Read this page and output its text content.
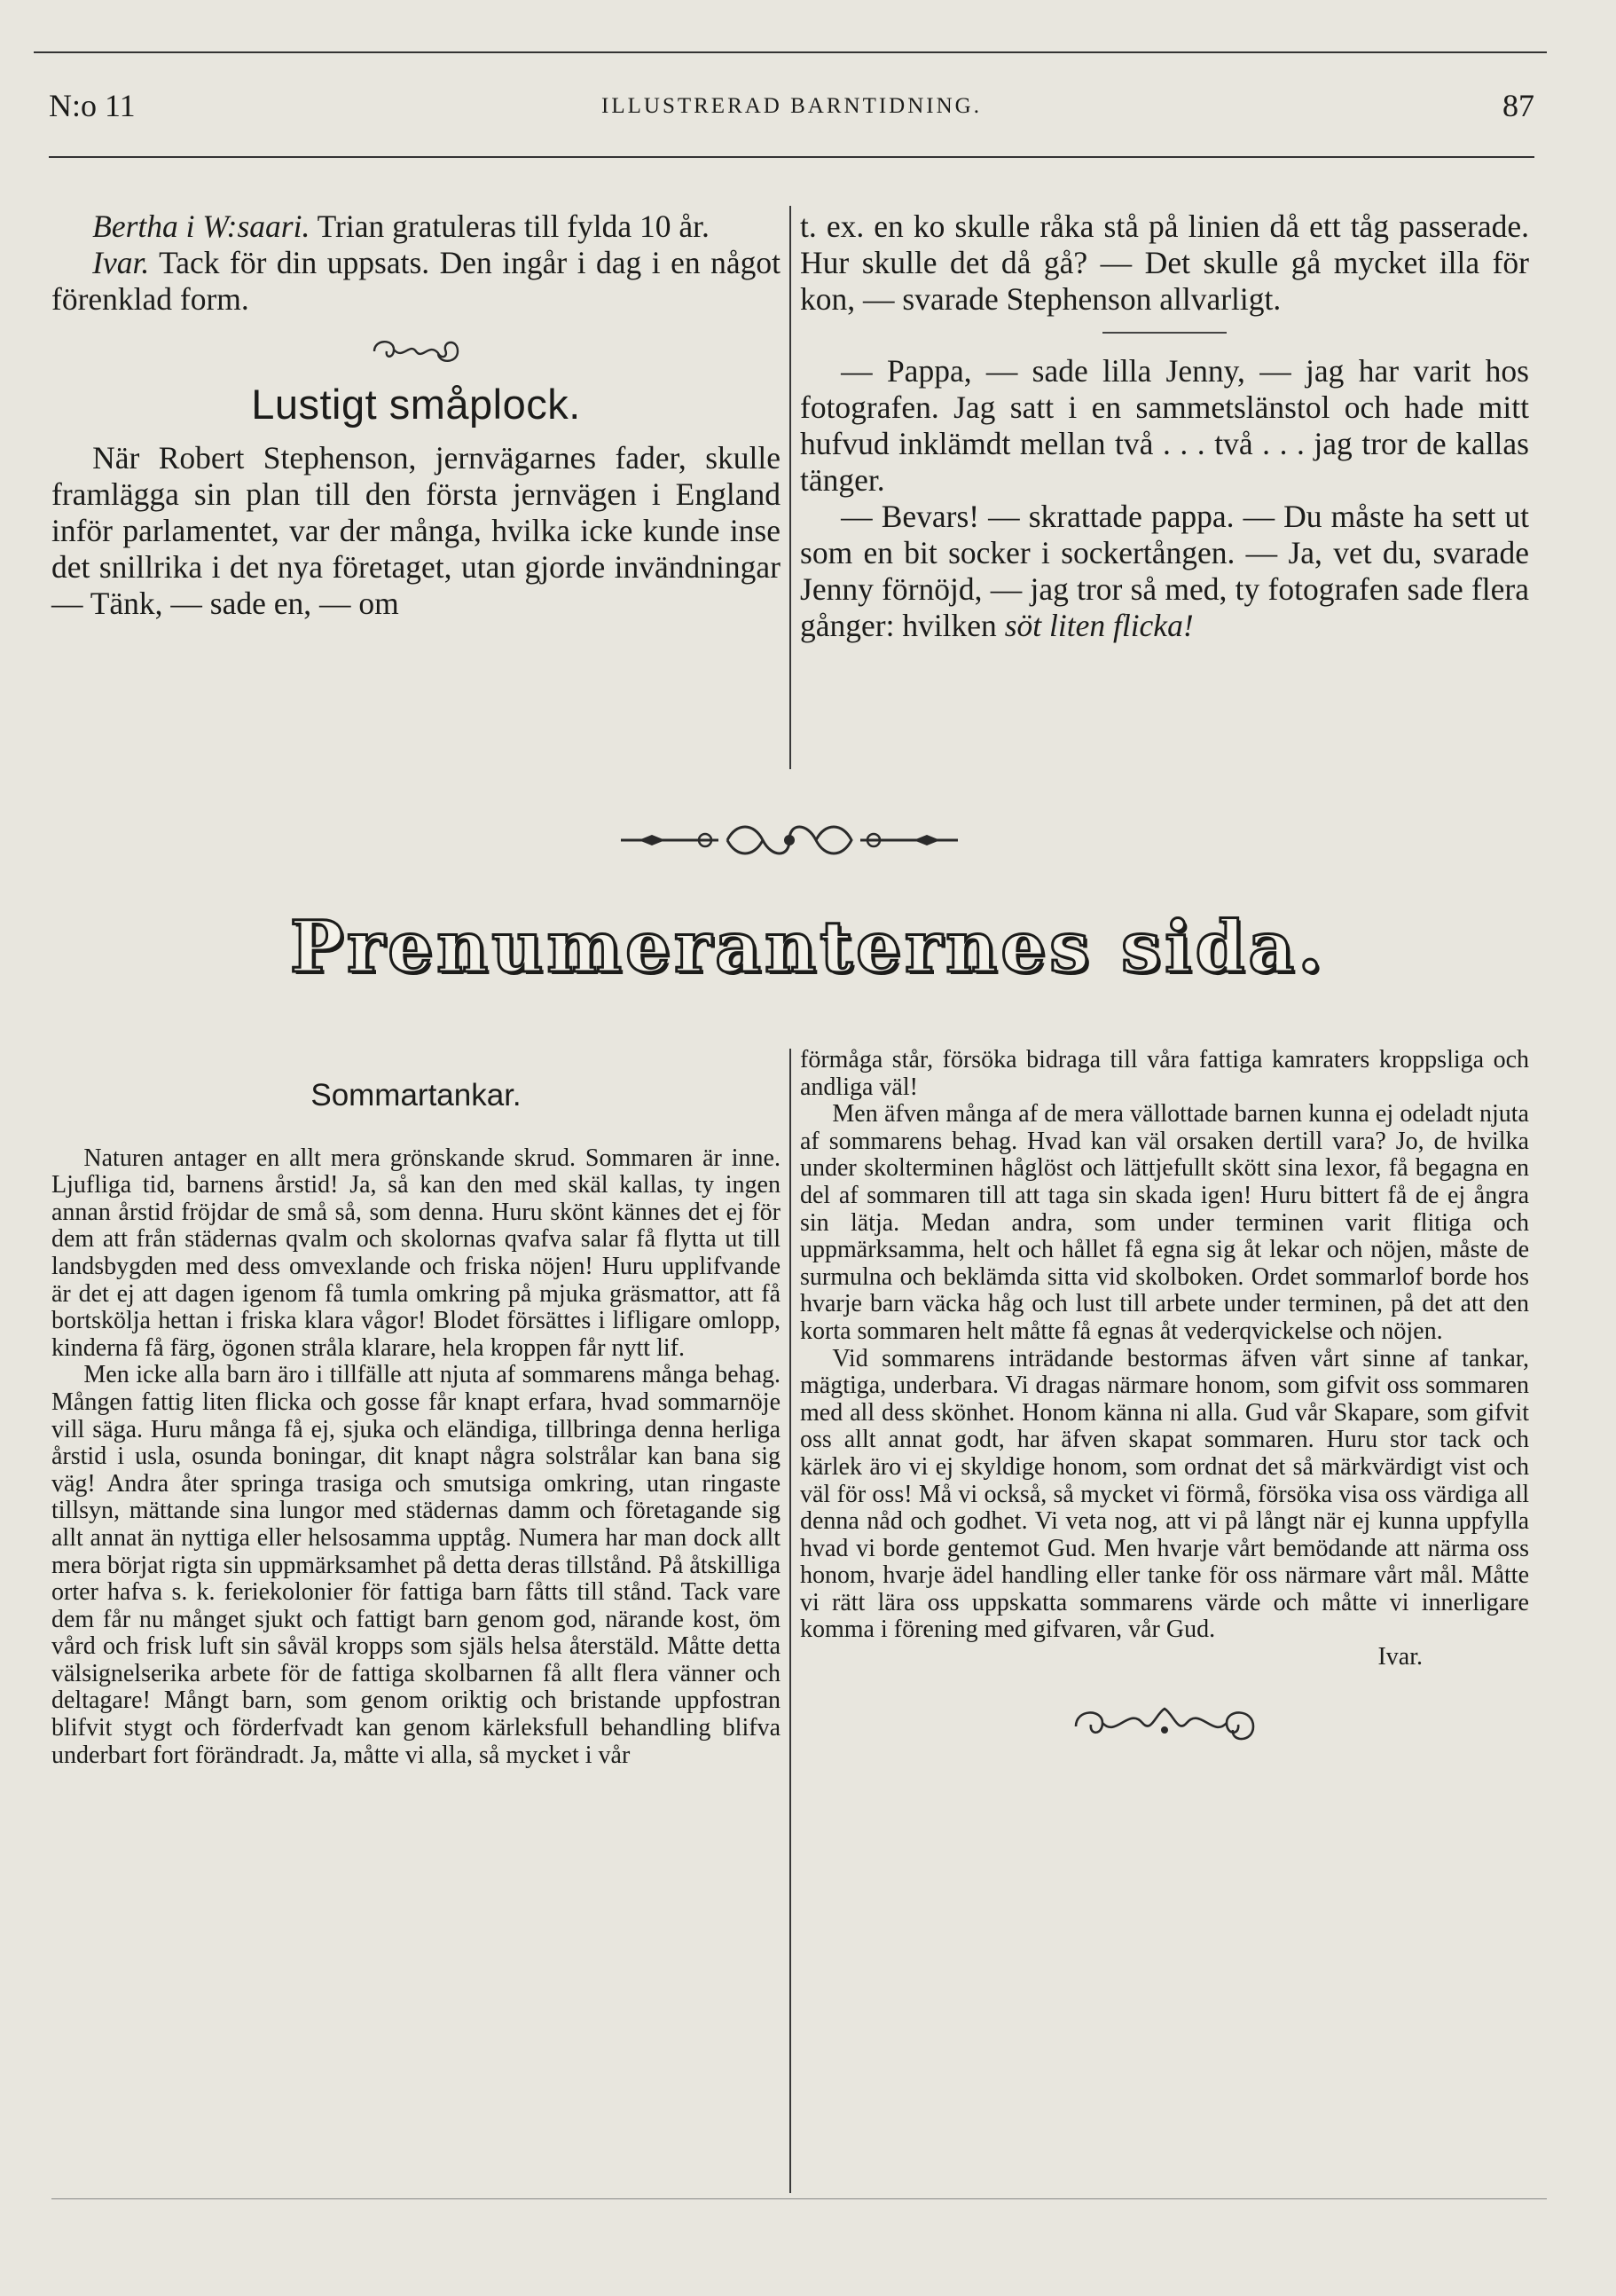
N:o 11	ILLUSTRERAD BARNTIDNING.	87

Bertha i W:saari. Trian gratuleras till fylda 10 år.

Ivar. Tack för din uppsats. Den ingår i dag i en något förenklad form.

Lustigt småplock.

När Robert Stephenson, jernvägarnes fader, skulle framlägga sin plan till den första jernvägen i England inför parlamentet, var der många, hvilka icke kunde inse det snillrika i det nya företaget, utan gjorde invändningar — Tänk, — sade en, — om

t. ex. en ko skulle råka stå på linien då ett tåg passerade. Hur skulle det då gå? — Det skulle gå mycket illa för kon, — svarade Stephenson allvarligt.

— Pappa, — sade lilla Jenny, — jag har varit hos fotografen. Jag satt i en sammetslänstol och hade mitt hufvud inklämdt mellan två . . . två . . . jag tror de kallas tänger.

— Bevars! — skrattade pappa. — Du måste ha sett ut som en bit socker i sockertången. — Ja, vet du, svarade Jenny förnöjd, — jag tror så med, ty fotografen sade flera gånger: hvilken söt liten flicka!

Prenumeranternes sida.
Sommartankar.

Naturen antager en allt mera grönskande skrud. Sommaren är inne. Ljufliga tid, barnens årstid! Ja, så kan den med skäl kallas, ty ingen annan årstid fröjdar de små så, som denna. Huru skönt kännes det ej för dem att från städernas qvalm och skolornas qvafva salar få flytta ut till landsbygden med dess omvexlande och friska nöjen! Huru upplifvande är det ej att dagen igenom få tumla omkring på mjuka gräsmattor, att få bortskölja hettan i friska klara vågor! Blodet försättes i lifligare omlopp, kinderna få färg, ögonen stråla klarare, hela kroppen får nytt lif.

Men icke alla barn äro i tillfälle att njuta af sommarens många behag. Mången fattig liten flicka och gosse får knapt erfara, hvad sommarnöje vill säga. Huru många få ej, sjuka och eländiga, tillbringa denna herliga årstid i usla, osunda boningar, dit knapt några solstrålar kan bana sig väg! Andra åter springa trasiga och smutsiga omkring, utan ringaste tillsyn, mättande sina lungor med städernas damm och företagande sig allt annat än nyttiga eller helsosamma upptåg. Numera har man dock allt mera börjat rigta sin uppmärksamhet på detta deras tillstånd. På åtskilliga orter hafva s. k. feriekolonier för fattiga barn fåtts till stånd. Tack vare dem får nu månget sjukt och fattigt barn genom god, närande kost, öm vård och frisk luft sin såväl kropps som själs helsa återstäld. Måtte detta välsignelserika arbete för de fattiga skolbarnen få allt flera vänner och deltagare! Mångt barn, som genom oriktig och bristande uppfostran blifvit stygt och förderfvadt kan genom kärleksfull behandling blifva underbart fort förändradt. Ja, måtte vi alla, så mycket i vår

förmåga står, försöka bidraga till våra fattiga kamraters kroppsliga och andliga väl!

Men äfven många af de mera vällottade barnen kunna ej odeladt njuta af sommarens behag. Hvad kan väl orsaken dertill vara? Jo, de hvilka under skolterminen håglöst och lättjefullt skött sina lexor, få begagna en del af sommaren till att taga sin skada igen! Huru bittert få de ej ångra sin lätja. Medan andra, som under terminen varit flitiga och uppmärksamma, helt och hållet få egna sig åt lekar och nöjen, måste de surmulna och beklämda sitta vid skolboken. Ordet sommarlof borde hos hvarje barn väcka håg och lust till arbete under terminen, på det att den korta sommaren helt måtte få egnas åt vederqvickelse och nöjen.

Vid sommarens inträdande bestormas äfven vårt sinne af tankar, mägtiga, underbara. Vi dragas närmare honom, som gifvit oss sommaren med all dess skönhet. Honom känna ni alla. Gud vår Skapare, som gifvit oss allt annat godt, har äfven skapat sommaren. Huru stor tack och kärlek äro vi ej skyldige honom, som ordnat det så märkvärdigt vist och väl för oss! Må vi också, så mycket vi förmå, försöka visa oss värdiga all denna nåd och godhet. Vi veta nog, att vi på långt när ej kunna uppfylla hvad vi borde gentemot Gud. Men hvarje vårt bemödande att närma oss honom, hvarje ädel handling eller tanke för oss närmare vårt mål. Måtte vi rätt lära oss uppskatta sommarens värde och måtte vi innerligare komma i förening med gifvaren, vår Gud.

Ivar.
